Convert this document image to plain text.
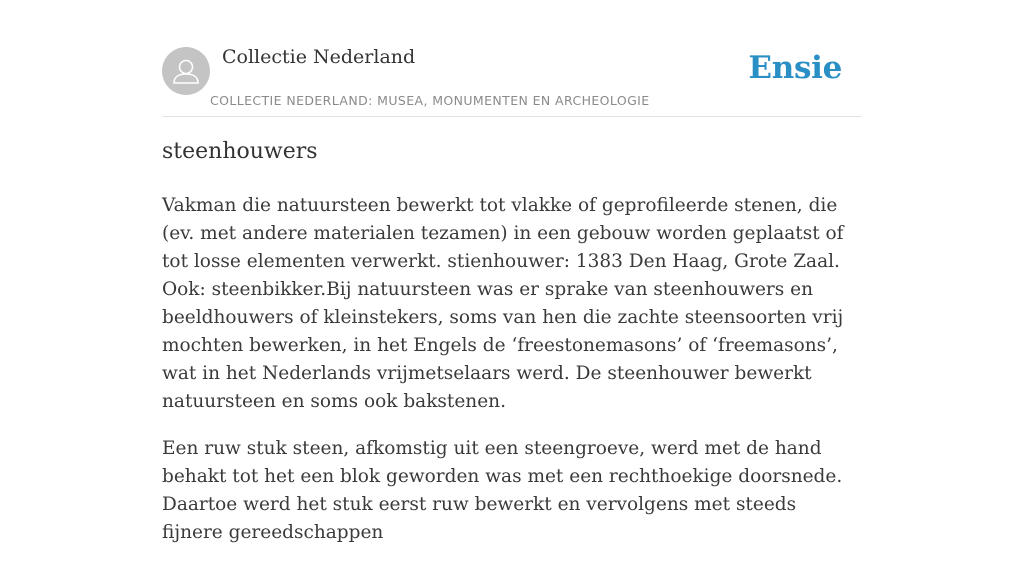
Collectie Nederland
COLLECTIE NEDERLAND: MUSEA, MONUMENTEN EN ARCHEOLOGIE
Ensie
steenhouwers

Vakman die natuursteen bewerkt tot vlakke of geprofileerde stenen, die (ev. met andere materialen tezamen) in een gebouw worden geplaatst of tot losse elementen verwerkt. stienhouwer: 1383 Den Haag, Grote Zaal. Ook: steenbikker.Bij natuursteen was er sprake van steenhouwers en beeldhouwers of kleinstekers, soms van hen die zachte steensoorten vrij mochten bewerken, in het Engels de ‘freestonemasons’ of ‘freemasons’, wat in het Nederlands vrijmetselaars werd. De steenhouwer bewerkt natuursteen en soms ook bakstenen.

Een ruw stuk steen, afkomstig uit een steengroeve, werd met de hand behakt tot het een blok geworden was met een rechthoekige doorsnede. Daartoe werd het stuk eerst ruw bewerkt en vervolgens met steeds fijnere gereedschappen
